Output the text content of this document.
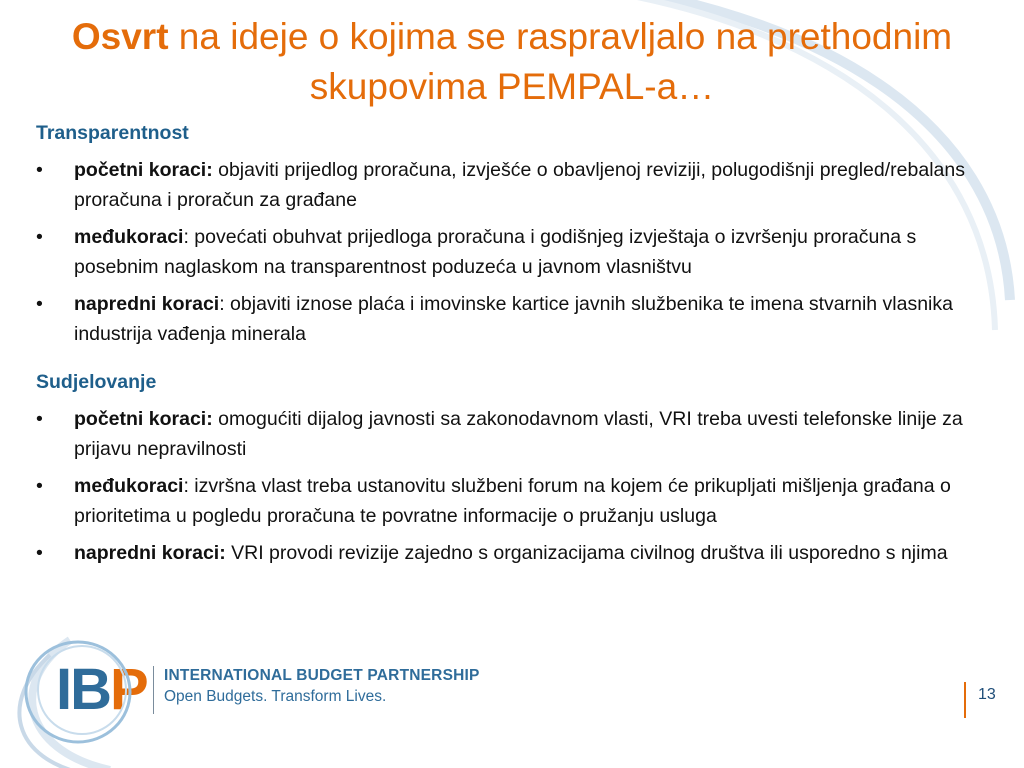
Osvrt na ideje o kojima se raspravljalo na prethodnim skupovima PEMPAL-a…

Transparentnost

•	početni koraci: objaviti prijedlog proračuna, izvješće o obavljenoj reviziji, polugodišnji pregled/rebalans proračuna i proračun za građane
•	međukoraci: povećati obuhvat prijedloga proračuna i godišnjeg izvještaja o izvršenju proračuna s posebnim naglaskom na transparentnost poduzeća u javnom vlasništvu
•	napredni koraci: objaviti iznose plaća i imovinske kartice javnih službenika te imena stvarnih vlasnika industrija vađenja minerala

Sudjelovanje

•	početni koraci: omogućiti dijalog javnosti sa zakonodavnom vlasti, VRI treba uvesti telefonske linije za prijavu nepravilnosti
•	međukoraci: izvršna vlast treba ustanovitu službeni forum na kojem će prikupljati mišljenja građana o prioritetima u pogledu proračuna te povratne informacije o pružanju usluga
•	napredni koraci: VRI provodi revizije zajedno s organizacijama civilnog društva ili usporedno s njima
IBP INTERNATIONAL BUDGET PARTNERSHIP
Open Budgets. Transform Lives.	13
